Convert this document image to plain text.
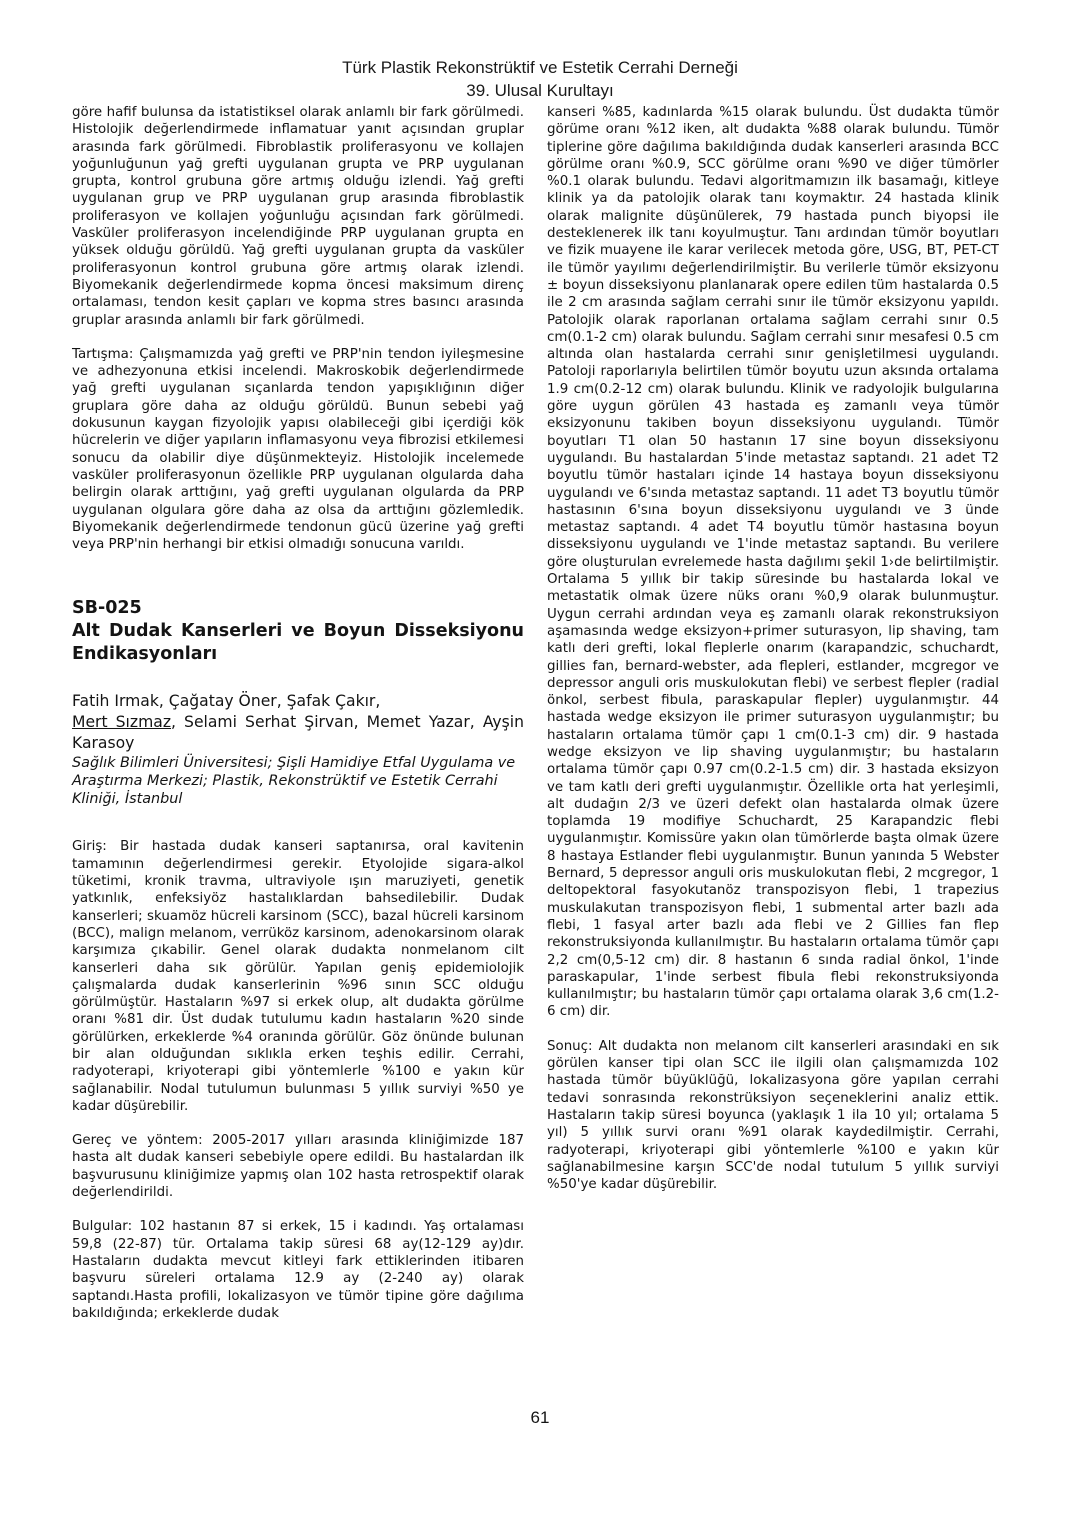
Türk Plastik Rekonstrüktif ve Estetik Cerrahi Derneği
39. Ulusal Kurultayı

göre hafif bulunsa da istatistiksel olarak anlamlı bir fark görülmedi. Histolojik değerlendirmede inflamatuar yanıt açısından gruplar arasında fark görülmedi. Fibroblastik proliferasyonu ve kollajen yoğunluğunun yağ grefti uygulanan grupta ve PRP uygulanan grupta, kontrol grubuna göre artmış olduğu izlendi. Yağ grefti uygulanan grup ve PRP uygulanan grup arasında fibroblastik proliferasyon ve kollajen yoğunluğu açısından fark görülmedi. Vasküler proliferasyon incelendiğinde PRP uygulanan grupta en yüksek olduğu görüldü. Yağ grefti uygulanan grupta da vasküler proliferasyonun kontrol grubuna göre artmış olarak izlendi. Biyomekanik değerlendirmede kopma öncesi maksimum direnç ortalaması, tendon kesit çapları ve kopma stres basıncı arasında gruplar arasında anlamlı bir fark görülmedi.

Tartışma: Çalışmamızda yağ grefti ve PRP'nin tendon iyileşmesine ve adhezyonuna etkisi incelendi. Makroskobik değerlendirmede yağ grefti uygulanan sıçanlarda tendon yapışıklığının diğer gruplara göre daha az olduğu görüldü. Bunun sebebi yağ dokusunun kaygan fizyolojik yapısı olabileceği gibi içerdiği kök hücrelerin ve diğer yapıların inflamasyonu veya fibrozisi etkilemesi sonucu da olabilir diye düşünmekteyiz. Histolojik incelemede vasküler proliferasyonun özellikle PRP uygulanan olgularda daha belirgin olarak arttığını, yağ grefti uygulanan olgularda da PRP uygulanan olgulara göre daha az olsa da arttığını gözlemledik. Biyomekanik değerlendirmede tendonun gücü üzerine yağ grefti veya PRP'nin herhangi bir etkisi olmadığı sonucuna varıldı.

SB-025
Alt Dudak Kanserleri ve Boyun Disseksiyonu Endikasyonları
Fatih Irmak, Çağatay Öner, Şafak Çakır,
Mert Sızmaz, Selami Serhat Şirvan, Memet Yazar, Ayşin Karasoy
Sağlık Bilimleri Üniversitesi; Şişli Hamidiye Etfal Uygulama ve Araştırma Merkezi; Plastik, Rekonstrüktif ve Estetik Cerrahi Kliniği, İstanbul

Giriş: Bir hastada dudak kanseri saptanırsa, oral kavitenin tamamının değerlendirmesi gerekir. Etyolojide sigara-alkol tüketimi, kronik travma, ultraviyole ışın maruziyeti, genetik yatkınlık, enfeksiyöz hastalıklardan bahsedilebilir. Dudak kanserleri; skuamöz hücreli karsinom (SCC), bazal hücreli karsinom (BCC), malign melanom, verrüköz karsinom, adenokarsinom olarak karşımıza çıkabilir. Genel olarak dudakta nonmelanom cilt kanserleri daha sık görülür. Yapılan geniş epidemiolojik çalışmalarda dudak kanserlerinin %96 sının SCC olduğu görülmüştür. Hastaların %97 si erkek olup, alt dudakta görülme oranı %81 dir. Üst dudak tutulumu kadın hastaların %20 sinde görülürken, erkeklerde %4 oranında görülür. Göz önünde bulunan bir alan olduğundan sıklıkla erken teşhis edilir. Cerrahi, radyoterapi, kriyoterapi gibi yöntemlerle %100 e yakın kür sağlanabilir. Nodal tutulumun bulunması 5 yıllık surviyi %50 ye kadar düşürebilir.

Gereç ve yöntem: 2005-2017 yılları arasında kliniğimizde 187 hasta alt dudak kanseri sebebiyle opere edildi. Bu hastalardan ilk başvurusunu kliniğimize yapmış olan 102 hasta retrospektif olarak değerlendirildi.

Bulgular: 102 hastanın 87 si erkek, 15 i kadındı. Yaş ortalaması 59,8 (22-87) tür. Ortalama takip süresi 68 ay(12-129 ay)dır. Hastaların dudakta mevcut kitleyi fark ettiklerinden itibaren başvuru süreleri ortalama 12.9 ay (2-240 ay) olarak saptandı.Hasta profili, lokalizasyon ve tümör tipine göre dağılıma bakıldığında; erkeklerde dudak

kanseri %85, kadınlarda %15 olarak bulundu. Üst dudakta tümör görüme oranı %12 iken, alt dudakta %88 olarak bulundu. Tümör tiplerine göre dağılıma bakıldığında dudak kanserleri arasında BCC görülme oranı %0.9, SCC görülme oranı %90 ve diğer tümörler %0.1 olarak bulundu. Tedavi algoritmamızın ilk basamağı, kitleye klinik ya da patolojik olarak tanı koymaktır. 24 hastada klinik olarak malignite düşünülerek, 79 hastada punch biyopsi ile desteklenerek ilk tanı koyulmuştur. Tanı ardından tümör boyutları ve fizik muayene ile karar verilecek metoda göre, USG, BT, PET-CT ile tümör yayılımı değerlendirilmiştir. Bu verilerle tümör eksizyonu ± boyun disseksiyonu planlanarak opere edilen tüm hastalarda 0.5 ile 2 cm arasında sağlam cerrahi sınır ile tümör eksizyonu yapıldı. Patolojik olarak raporlanan ortalama sağlam cerrahi sınır 0.5 cm(0.1-2 cm) olarak bulundu. Sağlam cerrahi sınır mesafesi 0.5 cm altında olan hastalarda cerrahi sınır genişletilmesi uygulandı. Patoloji raporlarıyla belirtilen tümör boyutu uzun aksında ortalama 1.9 cm(0.2-12 cm) olarak bulundu. Klinik ve radyolojik bulgularına göre uygun görülen 43 hastada eş zamanlı veya tümör eksizyonunu takiben boyun disseksiyonu uygulandı. Tümör boyutları T1 olan 50 hastanın 17 sine boyun disseksiyonu uygulandı. Bu hastalardan 5'inde metastaz saptandı. 21 adet T2 boyutlu tümör hastaları içinde 14 hastaya boyun disseksiyonu uygulandı ve 6'sında metastaz saptandı. 11 adet T3 boyutlu tümör hastasının 6'sına boyun disseksiyonu uygulandı ve 3 ünde metastaz saptandı. 4 adet T4 boyutlu tümör hastasına boyun disseksiyonu uygulandı ve 1'inde metastaz saptandı. Bu verilere göre oluşturulan evrelemede hasta dağılımı şekil 1›de belirtilmiştir. Ortalama 5 yıllık bir takip süresinde bu hastalarda lokal ve metastatik olmak üzere nüks oranı %0,9 olarak bulunmuştur. Uygun cerrahi ardından veya eş zamanlı olarak rekonstruksiyon aşamasında wedge eksizyon+primer suturasyon, lip shaving, tam katlı deri grefti, lokal fleplerle onarım (karapandzic, schuchardt, gillies fan, bernard-webster, ada flepleri, estlander, mcgregor ve depressor anguli oris muskulokutan flebi) ve serbest flepler (radial önkol, serbest fibula, paraskapular flepler) uygulanmıştır. 44 hastada wedge eksizyon ile primer suturasyon uygulanmıştır; bu hastaların ortalama tümör çapı 1 cm(0.1-3 cm) dir. 9 hastada wedge eksizyon ve lip shaving uygulanmıştır; bu hastaların ortalama tümör çapı 0.97 cm(0.2-1.5 cm) dir. 3 hastada eksizyon ve tam katlı deri grefti uygulanmıştır. Özellikle orta hat yerleşimli, alt dudağın 2/3 ve üzeri defekt olan hastalarda olmak üzere toplamda 19 modifiye Schuchardt, 25 Karapandzic flebi uygulanmıştır. Komissüre yakın olan tümörlerde başta olmak üzere 8 hastaya Estlander flebi uygulanmıştır. Bunun yanında 5 Webster Bernard, 5 depressor anguli oris muskulokutan flebi, 2 mcgregor, 1 deltopektoral fasyokutanöz transpozisyon flebi, 1 trapezius muskulakutan transpozisyon flebi, 1 submental arter bazlı ada flebi, 1 fasyal arter bazlı ada flebi ve 2 Gillies fan flep rekonstruksiyonda kullanılmıştır. Bu hastaların ortalama tümör çapı 2,2 cm(0,5-12 cm) dir. 8 hastanın 6 sında radial önkol, 1'inde paraskapular, 1'inde serbest fibula flebi rekonstruksiyonda kullanılmıştır; bu hastaların tümör çapı ortalama olarak 3,6 cm(1.2-6 cm) dir.

Sonuç: Alt dudakta non melanom cilt kanserleri arasındaki en sık görülen kanser tipi olan SCC ile ilgili olan çalışmamızda 102 hastada tümör büyüklüğü, lokalizasyona göre yapılan cerrahi tedavi sonrasında rekonstrüksiyon seçeneklerini analiz ettik. Hastaların takip süresi boyunca (yaklaşık 1 ila 10 yıl; ortalama 5 yıl) 5 yıllık survi oranı %91 olarak kaydedilmiştir. Cerrahi, radyoterapi, kriyoterapi gibi yöntemlerle %100 e yakın kür sağlanabilmesine karşın SCC'de nodal tutulum 5 yıllık surviyi %50'ye kadar düşürebilir.

61
